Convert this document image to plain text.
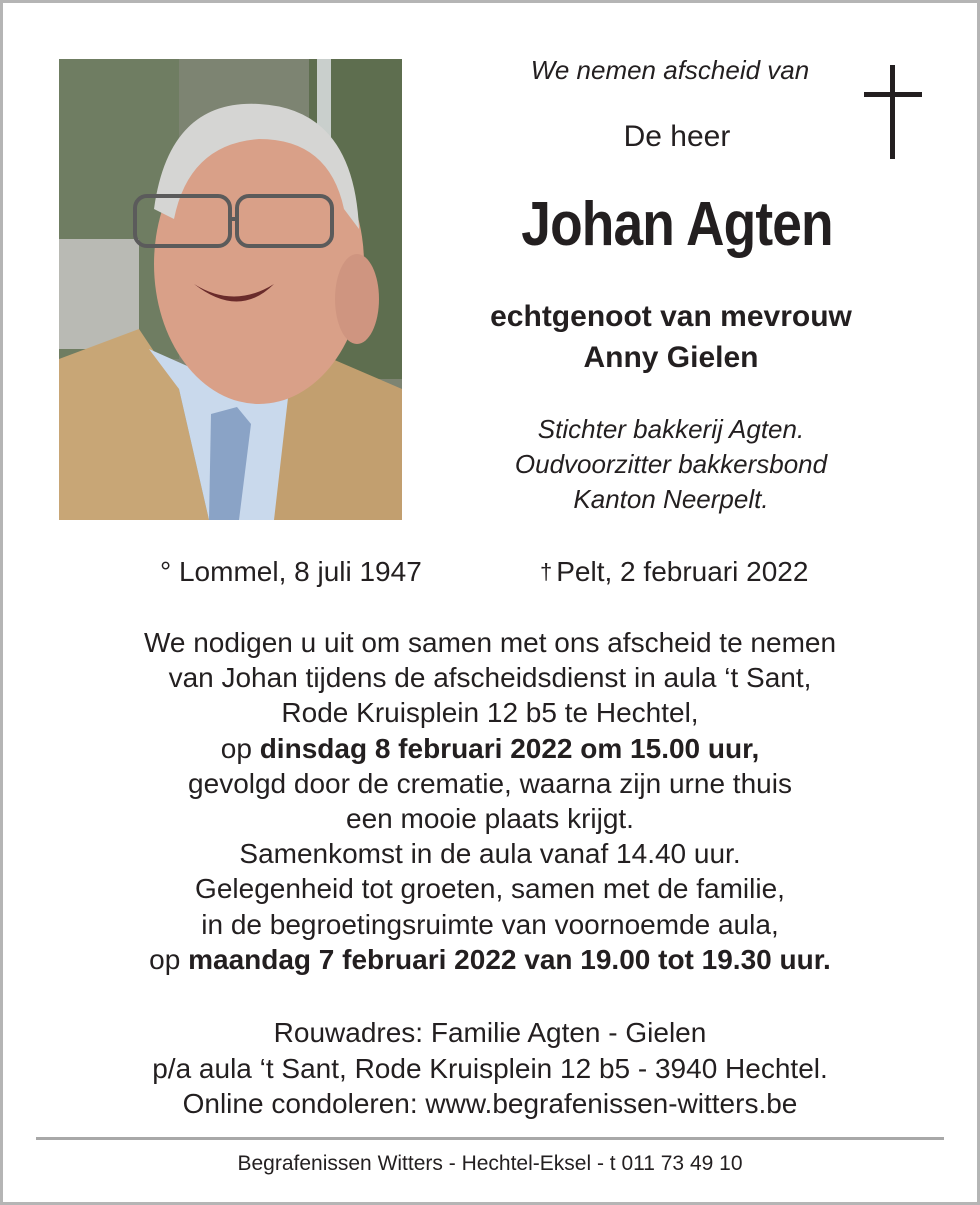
We nemen afscheid van
De heer
Johan Agten
echtgenoot van mevrouw
Anny Gielen
Stichter bakkerij Agten.
Oudvoorzitter bakkersbond
Kanton Neerpelt.
° Lommel, 8 juli 1947	† Pelt, 2 februari 2022
We nodigen u uit om samen met ons afscheid te nemen
van Johan tijdens de afscheidsdienst in aula ‘t Sant,
Rode Kruisplein 12 b5 te Hechtel,
op dinsdag 8 februari 2022 om 15.00 uur,
gevolgd door de crematie, waarna zijn urne thuis
een mooie plaats krijgt.
Samenkomst in de aula vanaf 14.40 uur.
Gelegenheid tot groeten, samen met de familie,
in de begroetingsruimte van voornoemde aula,
op maandag 7 februari 2022 van 19.00 tot 19.30 uur.
Rouwadres: Familie Agten - Gielen
p/a aula ‘t Sant, Rode Kruisplein 12 b5 - 3940 Hechtel.
Online condoleren: www.begrafenissen-witters.be
Begrafenissen Witters - Hechtel-Eksel - t 011 73 49 10
